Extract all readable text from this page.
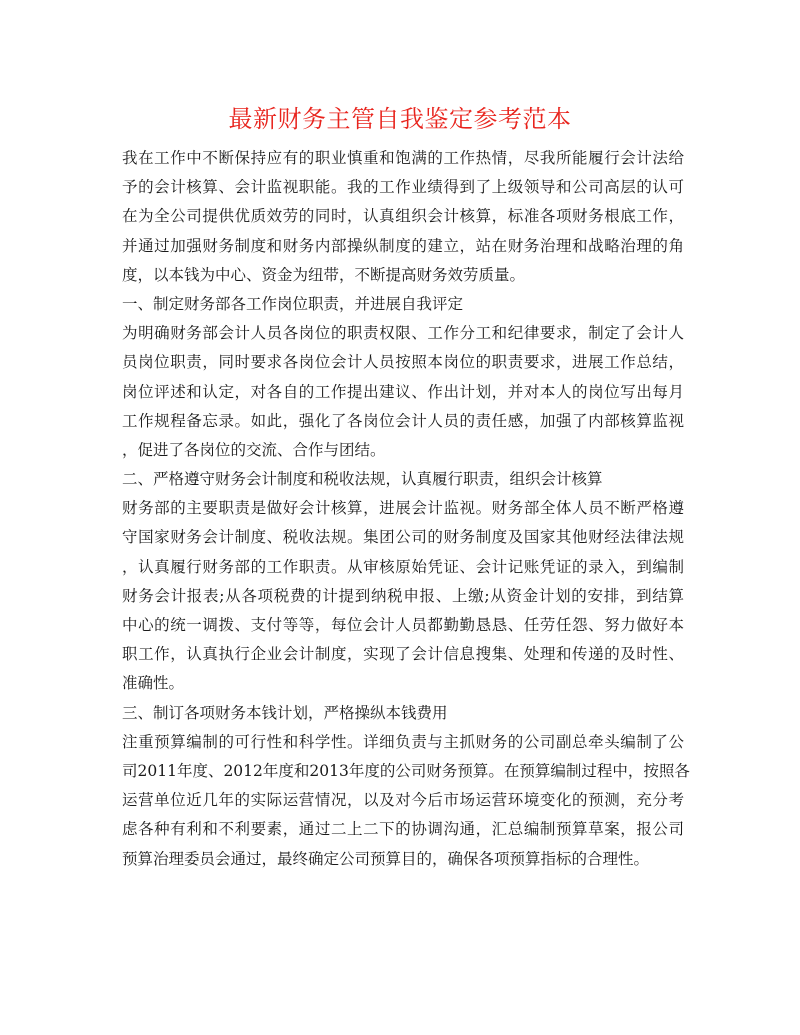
最新财务主管自我鉴定参考范本
我在工作中不断保持应有的职业慎重和饱满的工作热情，尽我所能履行会计法给
予的会计核算、会计监视职能。我的工作业绩得到了上级领导和公司高层的认可
在为全公司提供优质效劳的同时，认真组织会计核算，标准各项财务根底工作，
并通过加强财务制度和财务内部操纵制度的建立，站在财务治理和战略治理的角
度，以本钱为中心、资金为纽带，不断提高财务效劳质量。
一、制定财务部各工作岗位职责，并进展自我评定
为明确财务部会计人员各岗位的职责权限、工作分工和纪律要求，制定了会计人
员岗位职责，同时要求各岗位会计人员按照本岗位的职责要求，进展工作总结，
岗位评述和认定，对各自的工作提出建议、作出计划，并对本人的岗位写出每月
工作规程备忘录。如此，强化了各岗位会计人员的责任感，加强了内部核算监视
，促进了各岗位的交流、合作与团结。
二、严格遵守财务会计制度和税收法规，认真履行职责，组织会计核算
财务部的主要职责是做好会计核算，进展会计监视。财务部全体人员不断严格遵
守国家财务会计制度、税收法规。集团公司的财务制度及国家其他财经法律法规
，认真履行财务部的工作职责。从审核原始凭证、会计记账凭证的录入，到编制
财务会计报表;从各项税费的计提到纳税申报、上缴;从资金计划的安排，到结算
中心的统一调拨、支付等等，每位会计人员都勤勤恳恳、任劳任怨、努力做好本
职工作，认真执行企业会计制度，实现了会计信息搜集、处理和传递的及时性、
准确性。
三、制订各项财务本钱计划，严格操纵本钱费用
注重预算编制的可行性和科学性。详细负责与主抓财务的公司副总牵头编制了公
司2011年度、2012年度和2013年度的公司财务预算。在预算编制过程中，按照各
运营单位近几年的实际运营情况，以及对今后市场运营环境变化的预测，充分考
虑各种有利和不利要素，通过二上二下的协调沟通，汇总编制预算草案，报公司
预算治理委员会通过，最终确定公司预算目的，确保各项预算指标的合理性。
